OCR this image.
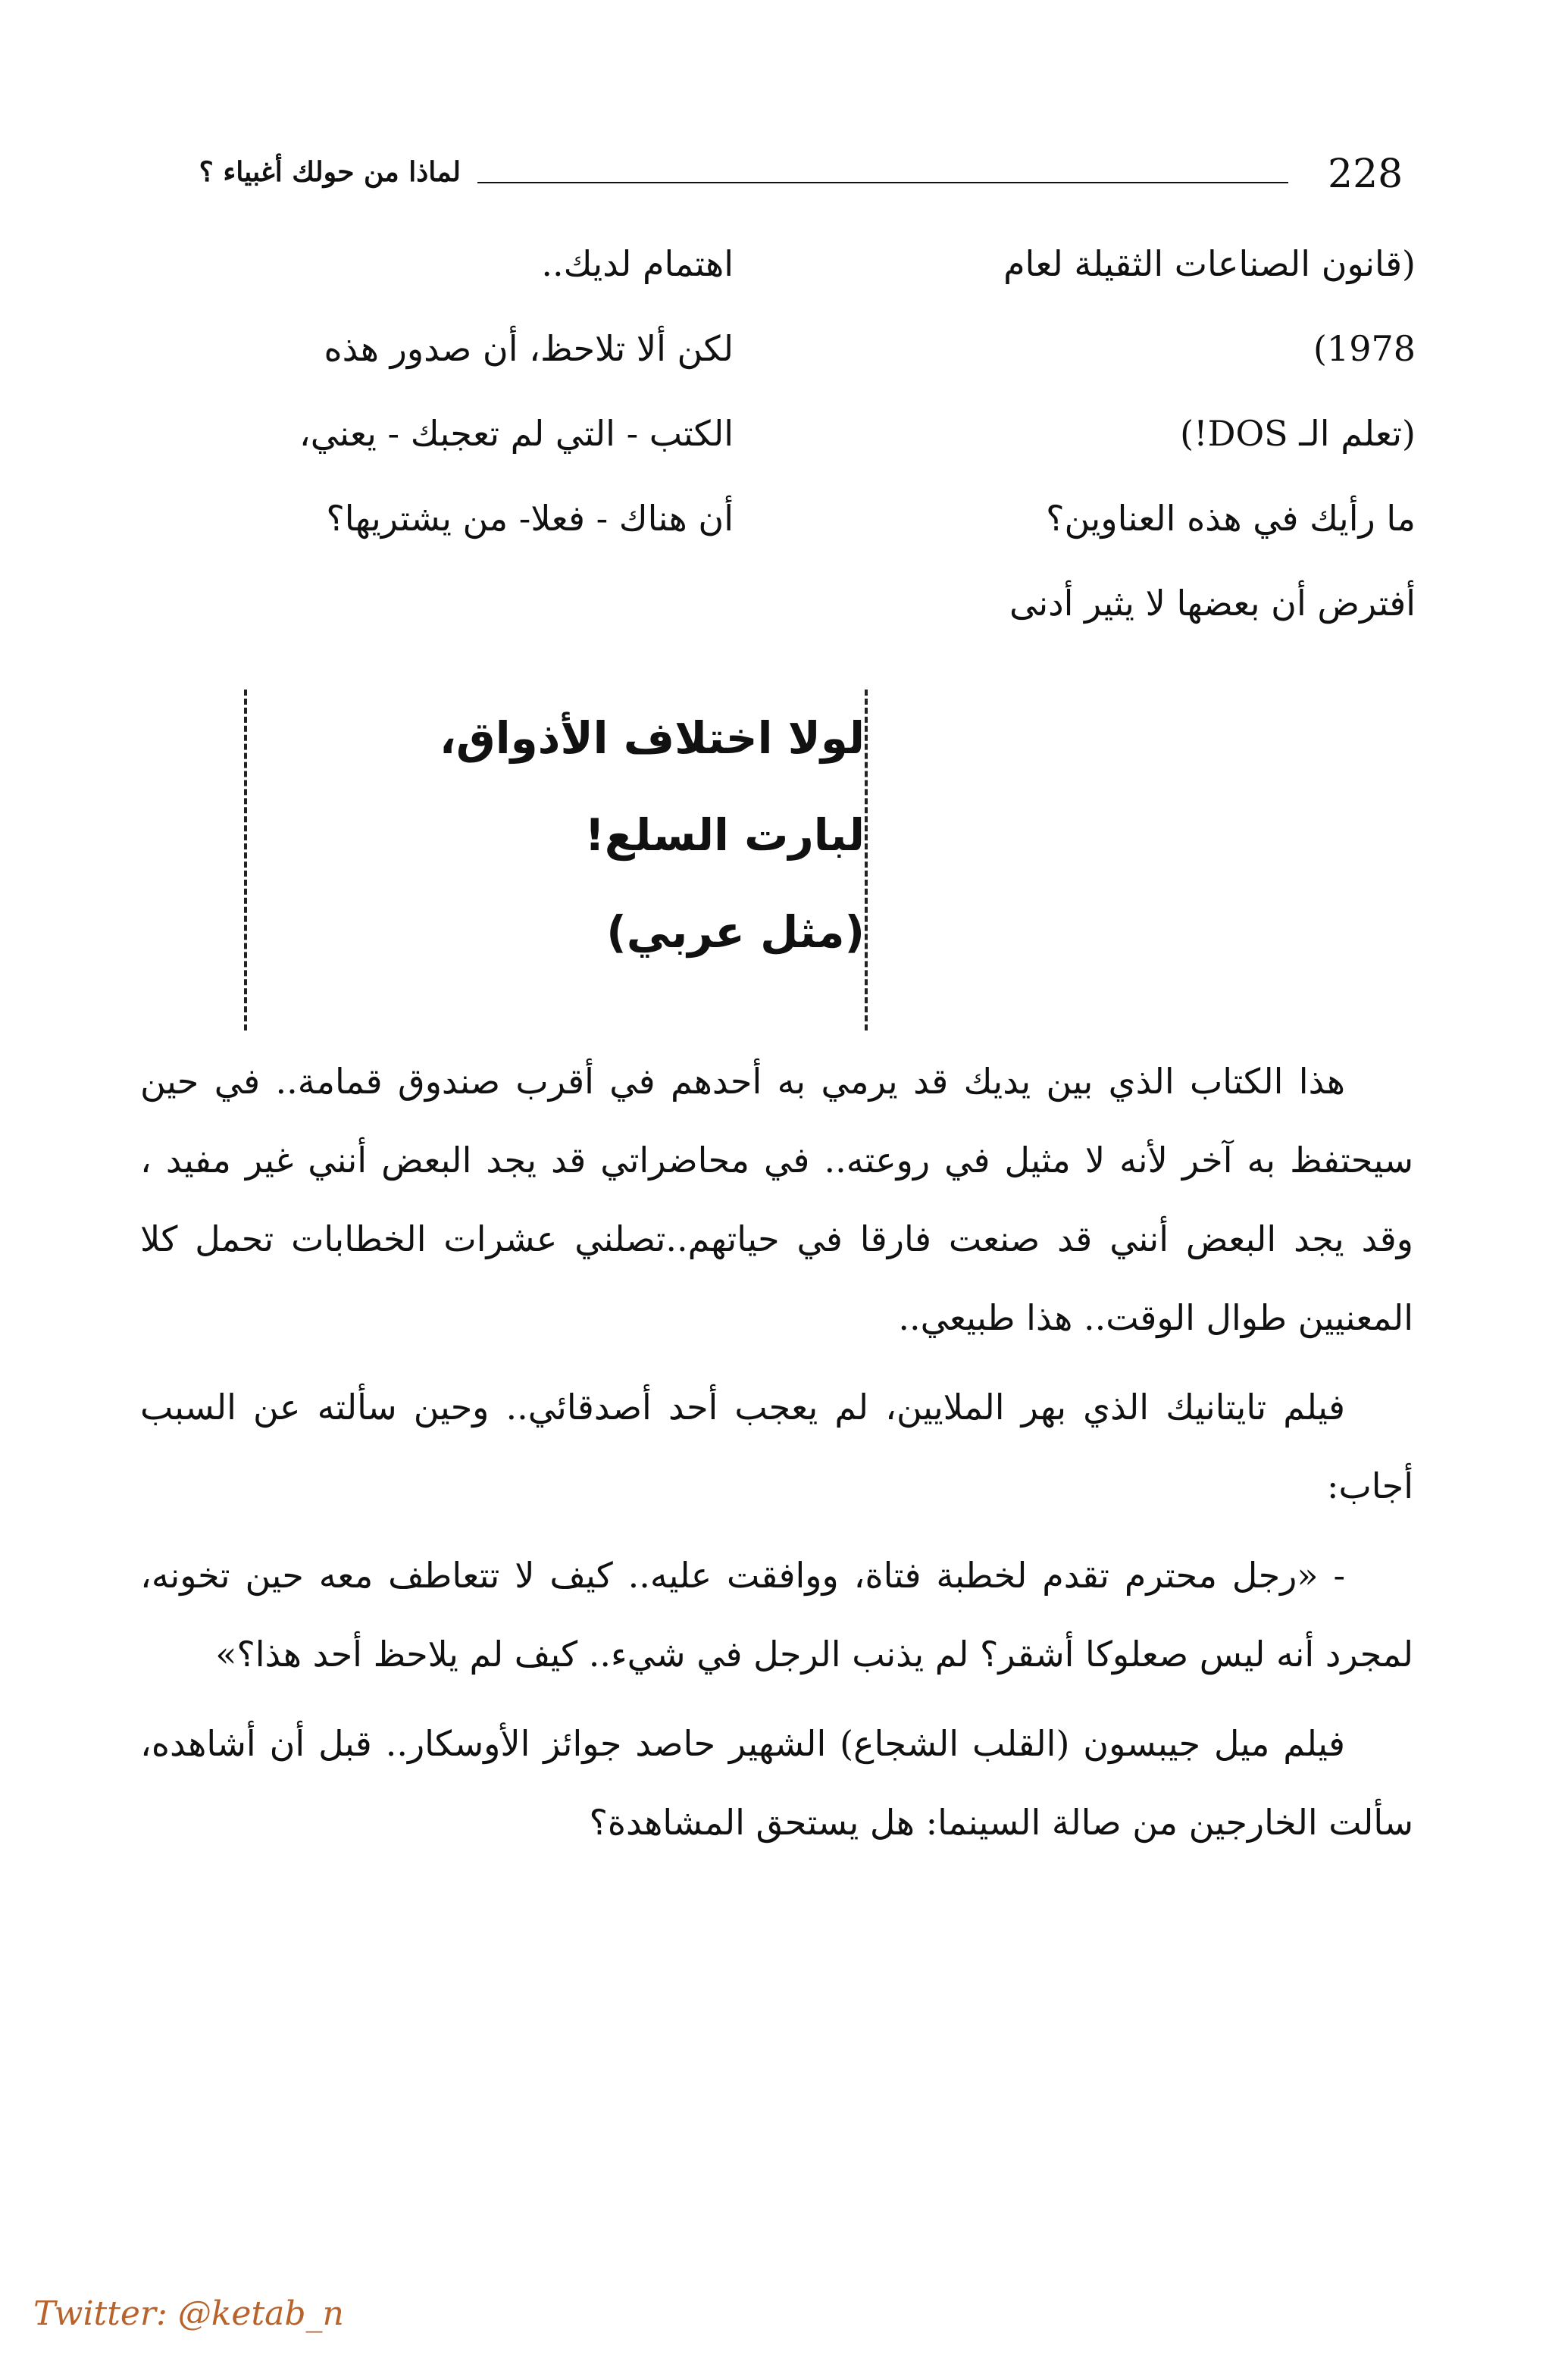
228
لماذا من حولك أغبياء ؟
(قانون الصناعات الثقيلة لعام
1978)
(تعلم الـ DOS!)
ما رأيك في هذه العناوين؟
أفترض أن بعضها لا يثير أدنى
اهتمام لديك..
لكن ألا تلاحظ، أن صدور هذه
الكتب - التي لم تعجبك - يعني،
أن هناك - فعلا- من يشتريها؟
لولا اختلاف الأذواق،
لبارت السلع!
(مثل عربي)

هذا الكتاب الذي بين يديك قد يرمي به أحدهم في أقرب صندوق قمامة.. في حين سيحتفظ به آخر لأنه لا مثيل في روعته.. في محاضراتي قد يجد البعض أنني غير مفيد ، وقد يجد البعض أنني قد صنعت فارقا في حياتهم..تصلني عشرات الخطابات تحمل كلا المعنيين طوال الوقت.. هذا طبيعي..

فيلم تايتانيك الذي بهر الملايين، لم يعجب أحد أصدقائي.. وحين سألته عن السبب أجاب:

- «رجل محترم تقدم لخطبة فتاة، ووافقت عليه.. كيف لا تتعاطف معه حين تخونه، لمجرد أنه ليس صعلوكا أشقر؟ لم يذنب الرجل في شيء.. كيف لم يلاحظ أحد هذا؟»

فيلم ميل جيبسون (القلب الشجاع) الشهير حاصد جوائز الأوسكار.. قبل أن أشاهده، سألت الخارجين من صالة السينما: هل يستحق المشاهدة؟

Twitter: @ketab_n
